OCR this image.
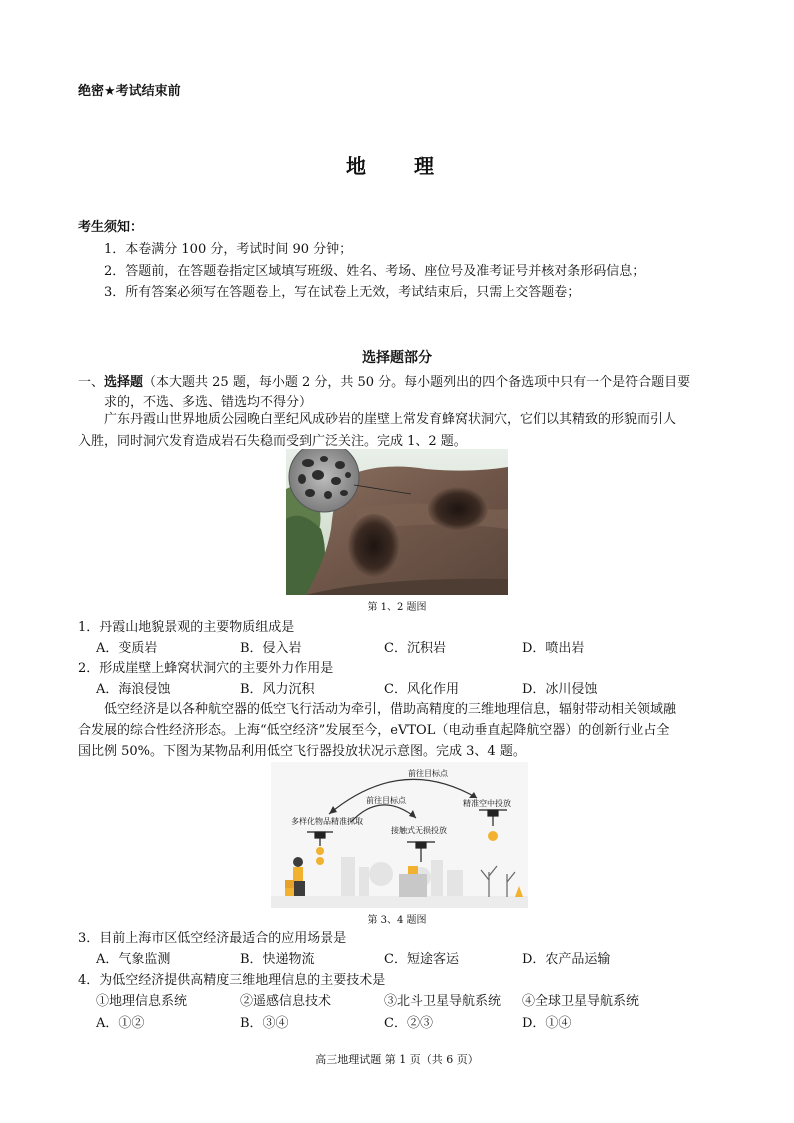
绝密★考试结束前
地　理
考生须知：
1．本卷满分 100 分，考试时间 90 分钟；
2．答题前，在答题卷指定区域填写班级、姓名、考场、座位号及准考证号并核对条形码信息；
3．所有答案必须写在答题卷上，写在试卷上无效，考试结束后，只需上交答题卷；
选择题部分
一、选择题（本大题共 25 题，每小题 2 分，共 50 分。每小题列出的四个备选项中只有一个是符合题目要
求的，不选、多选、错选均不得分）
广东丹霞山世界地质公园晚白垩纪风成砂岩的崖壁上常发育蜂窝状洞穴，它们以其精致的形貌而引人
入胜，同时洞穴发育造成岩石失稳而受到广泛关注。完成 1、2 题。
第 1、2 题图
1．丹霞山地貌景观的主要物质组成是
A．变质岩	B．侵入岩	C．沉积岩	D．喷出岩
2．形成崖壁上蜂窝状洞穴的主要外力作用是
A．海浪侵蚀	B．风力沉积	C．风化作用	D．冰川侵蚀
低空经济是以各种航空器的低空飞行活动为牵引，借助高精度的三维地理信息，辐射带动相关领域融
合发展的综合性经济形态。上海“低空经济”发展至今，eVTOL（电动垂直起降航空器）的创新行业占全
国比例 50%。下图为某物品利用低空飞行器投放状况示意图。完成 3、4 题。
前往目标点
前往目标点
多样化物品精准抓取
接触式无损投放
精准空中投放
第 3、4 题图
3．目前上海市区低空经济最适合的应用场景是
A．气象监测	B．快递物流	C．短途客运	D．农产品运输
4．为低空经济提供高精度三维地理信息的主要技术是
①地理信息系统	②遥感信息技术	③北斗卫星导航系统 ④全球卫星导航系统
A．①②	B．③④	C．②③	D．①④
高三地理试题 第 1 页（共 6 页）
